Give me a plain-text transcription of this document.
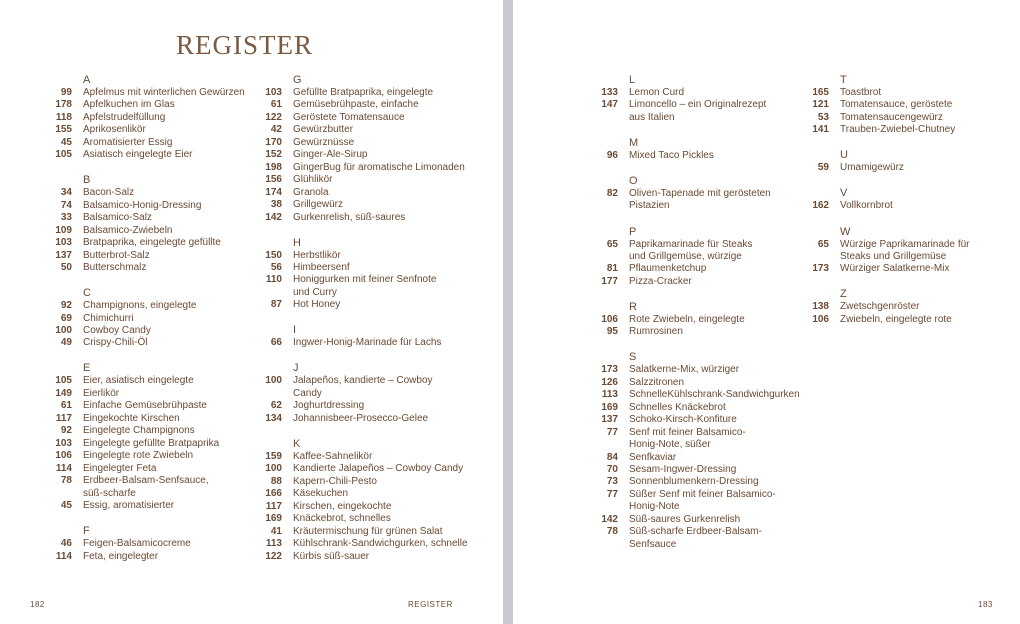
REGISTER
A
99 Apfelmus mit winterlichen Gewürzen
178 Apfelkuchen im Glas
118 Apfelstrudelfüllung
155 Aprikosenlikör
45 Aromatisierter Essig
105 Asiatisch eingelegte Eier
B
34 Bacon-Salz
74 Balsamico-Honig-Dressing
33 Balsamico-Salz
109 Balsamico-Zwiebeln
103 Bratpaprika, eingelegte gefüllte
137 Butterbrot-Salz
50 Butterschmalz
C
92 Champignons, eingelegte
69 Chimichurri
100 Cowboy Candy
49 Crispy-Chili-Öl
E
105 Eier, asiatisch eingelegte
149 Eierlikör
61 Einfache Gemüsebrühpaste
117 Eingekochte Kirschen
92 Eingelegte Champignons
103 Eingelegte gefüllte Bratpaprika
106 Eingelegte rote Zwiebeln
114 Eingelegter Feta
78 Erdbeer-Balsam-Senfsauce,
süß-scharfe
45 Essig, aromatisierter
F
46 Feigen-Balsamicocreme
114 Feta, eingelegter
G
103 Gefüllte Bratpaprika, eingelegte
61 Gemüsebrühpaste, einfache
122 Geröstete Tomatensauce
42 Gewürzbutter
170 Gewürznüsse
152 Ginger-Ale-Sirup
198 GingerBug für aromatische Limonaden
156 Glühlikör
174 Granola
38 Grillgewürz
142 Gurkenrelish, süß-saures
H
150 Herbstlikör
56 Himbeersenf
110 Honiggurken mit feiner Senfnote
und Curry
87 Hot Honey
I
66 Ingwer-Honig-Marinade für Lachs
J
100 Jalapeños, kandierte – Cowboy
Candy
62 Joghurtdressing
134 Johannisbeer-Prosecco-Gelee
K
159 Kaffee-Sahnelikör
100 Kandierte Jalapeños – Cowboy Candy
88 Kapern-Chili-Pesto
166 Käsekuchen
117 Kirschen, eingekochte
169 Knäckebrot, schnelles
41 Kräutermischung für grünen Salat
113 Kühlschrank-Sandwichgurken, schnelle
122 Kürbis süß-sauer
L
133 Lemon Curd
147 Limoncello – ein Originalrezept
aus Italien
M
96 Mixed Taco Pickles
O
82 Oliven-Tapenade mit gerösteten
Pistazien
P
65 Paprikamarinade für Steaks
und Grillgemüse, würzige
81 Pflaumenketchup
177 Pizza-Cracker
R
106 Rote Zwiebeln, eingelegte
95 Rumrosinen
S
173 Salatkerne-Mix, würziger
126 Salzzitronen
113 SchnelleKühlschrank-Sandwichgurken
169 Schnelles Knäckebrot
137 Schoko-Kirsch-Konfiture
77 Senf mit feiner Balsamico-
Honig-Note, süßer
84 Senfkaviar
70 Sesam-Ingwer-Dressing
73 Sonnenblumenkern-Dressing
77 Süßer Senf mit feiner Balsamico-
Honig-Note
142 Süß-saures Gurkenrelish
78 Süß-scharfe Erdbeer-Balsam-
Senfsauce
T
165 Toastbrot
121 Tomatensauce, geröstete
53 Tomatensaucengewürz
141 Trauben-Zwiebel-Chutney
U
59 Umamigewürz
V
162 Vollkornbrot
W
65 Würzige Paprikamarinade für
Steaks und Grillgemüse
173 Würziger Salatkerne-Mix
Z
138 Zwetschgenröster
106 Zwiebeln, eingelegte rote
182	REGISTER	183
